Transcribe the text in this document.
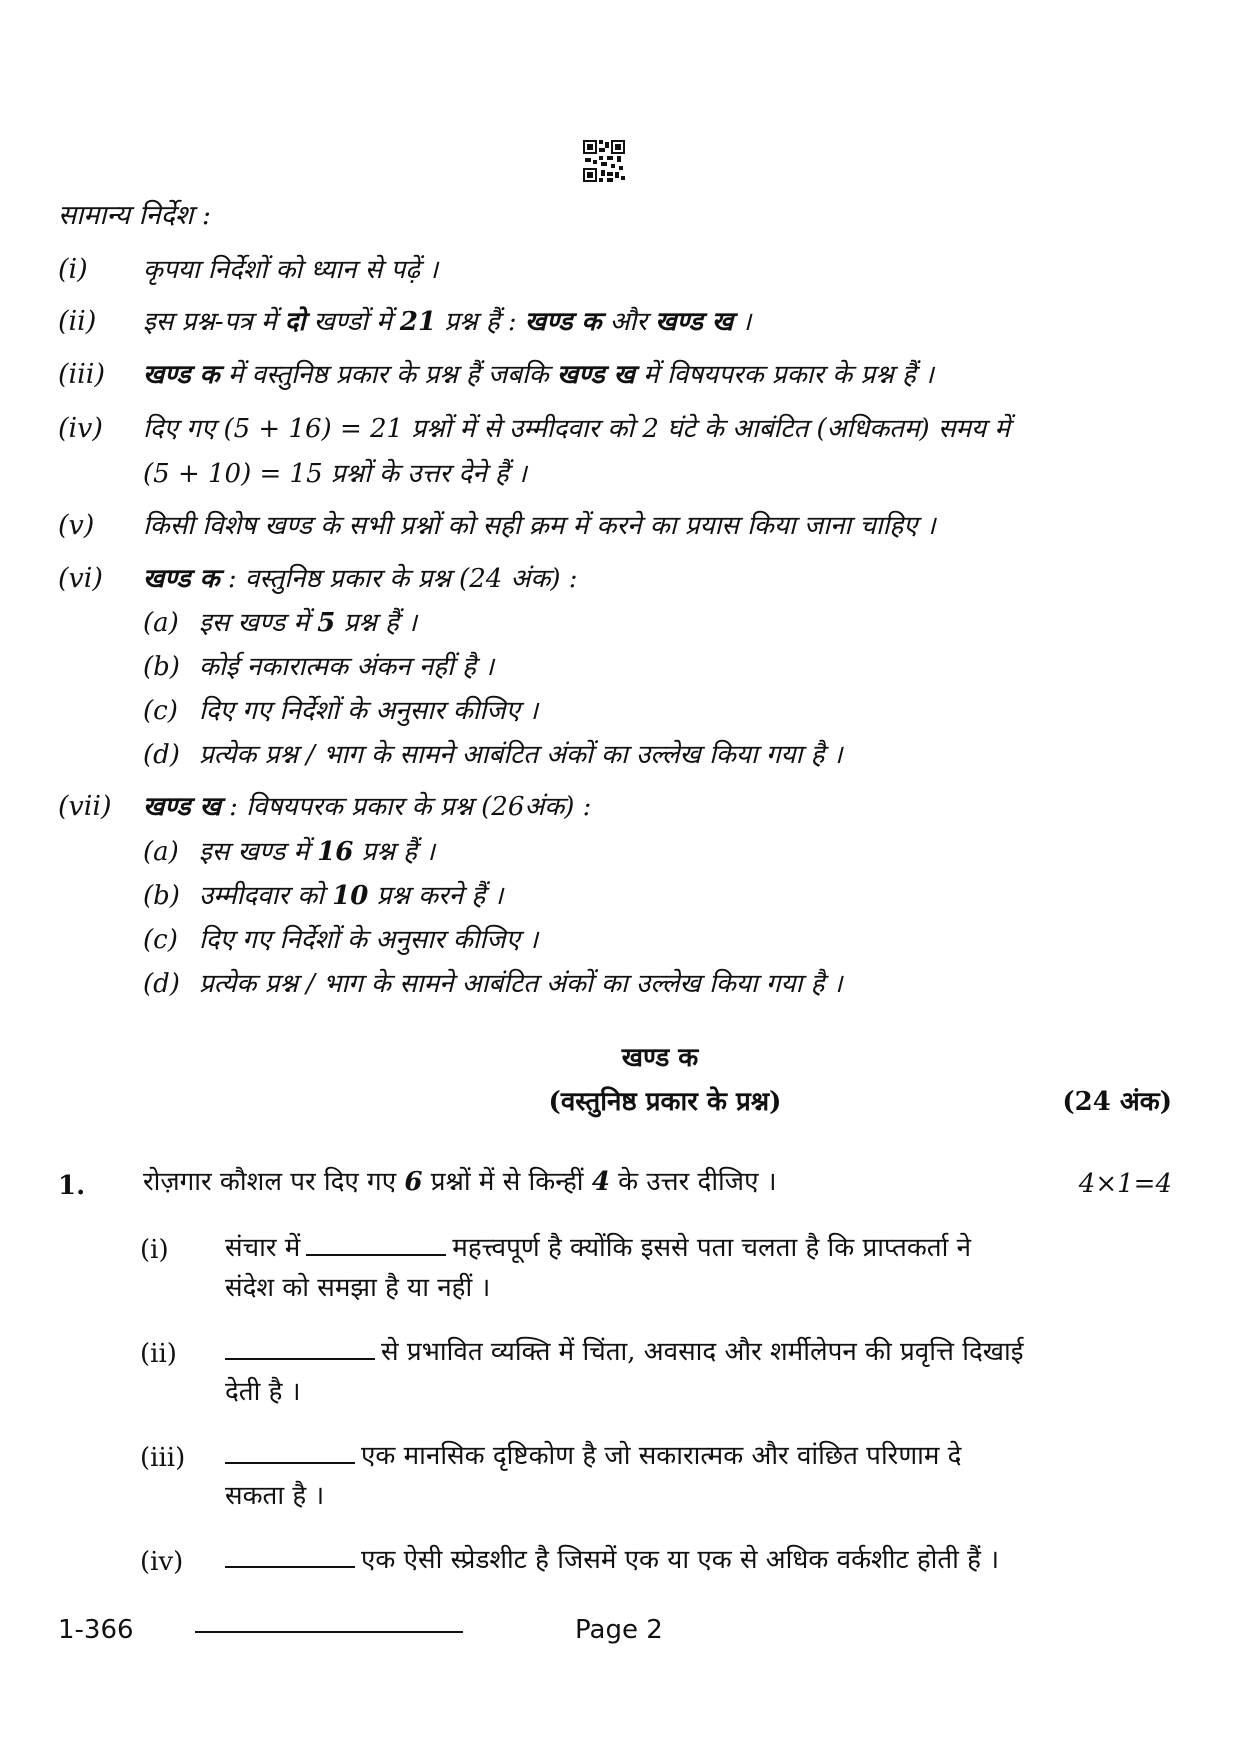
सामान्य निर्देश :
(i) कृपया निर्देशों को ध्यान से पढ़ें ।
(ii) इस प्रश्न-पत्र में दो खण्डों में 21 प्रश्न हैं : खण्ड क और खण्ड ख ।
(iii) खण्ड क में वस्तुनिष्ठ प्रकार के प्रश्न हैं जबकि खण्ड ख में विषयपरक प्रकार के प्रश्न हैं ।
(iv) दिए गए (5 + 16) = 21 प्रश्नों में से उम्मीदवार को 2 घंटे के आबंटित (अधिकतम) समय में
(5 + 10) = 15 प्रश्नों के उत्तर देने हैं ।
(v) किसी विशेष खण्ड के सभी प्रश्नों को सही क्रम में करने का प्रयास किया जाना चाहिए ।
(vi) खण्ड क : वस्तुनिष्ठ प्रकार के प्रश्न (24 अंक) :
(a) इस खण्ड में 5 प्रश्न हैं ।
(b) कोई नकारात्मक अंकन नहीं है ।
(c) दिए गए निर्देशों के अनुसार कीजिए ।
(d) प्रत्येक प्रश्न / भाग के सामने आबंटित अंकों का उल्लेख किया गया है ।
(vii) खण्ड ख : विषयपरक प्रकार के प्रश्न (26अंक) :
(a) इस खण्ड में 16 प्रश्न हैं ।
(b) उम्मीदवार को 10 प्रश्न करने हैं ।
(c) दिए गए निर्देशों के अनुसार कीजिए ।
(d) प्रत्येक प्रश्न / भाग के सामने आबंटित अंकों का उल्लेख किया गया है ।
खण्ड क
(वस्तुनिष्ठ प्रकार के प्रश्न)	(24 अंक)
1. रोज़गार कौशल पर दिए गए 6 प्रश्नों में से किन्हीं 4 के उत्तर दीजिए ।	4×1=4
(i) संचार में	महत्त्वपूर्ण है क्योंकि इससे पता चलता है कि प्राप्तकर्ता ने
संदेश को समझा है या नहीं ।
(ii)	से प्रभावित व्यक्ति में चिंता, अवसाद और शर्मीलेपन की प्रवृत्ति दिखाई
देती है ।
(iii)	एक मानसिक दृष्टिकोण है जो सकारात्मक और वांछित परिणाम दे
सकता है ।
(iv)	एक ऐसी स्प्रेडशीट है जिसमें एक या एक से अधिक वर्कशीट होती हैं ।
1-366	Page 2
